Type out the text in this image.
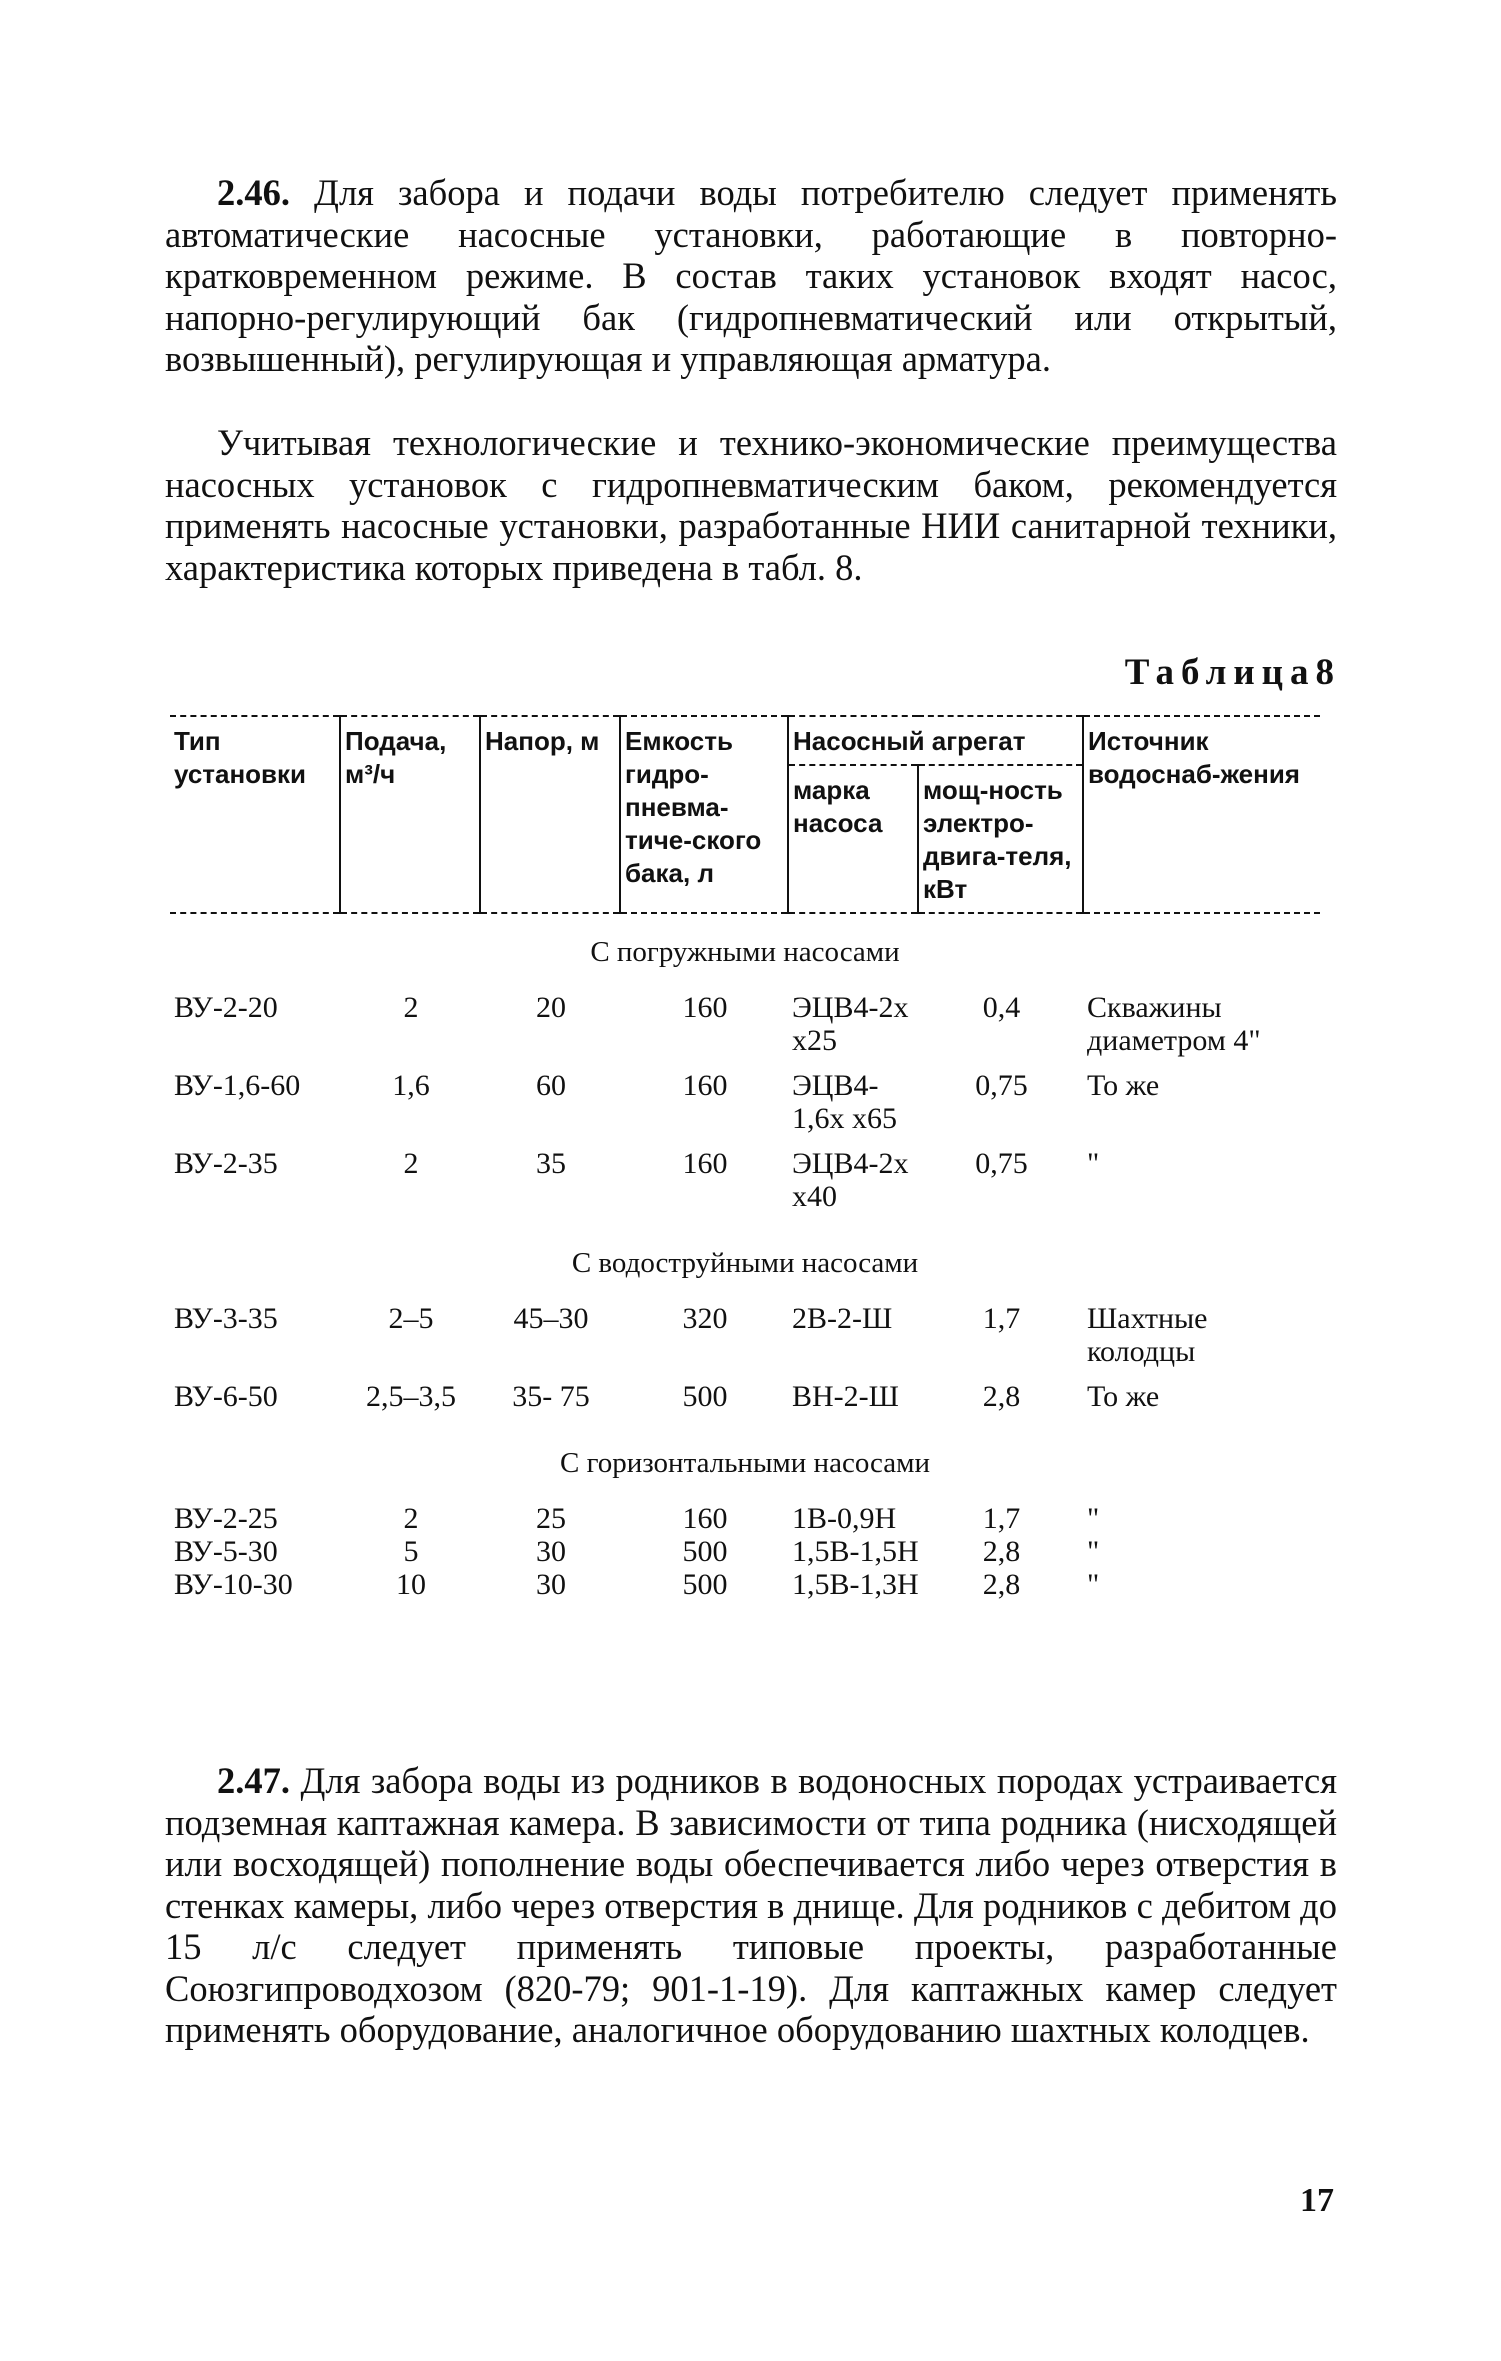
2.46. Для забора и подачи воды потребителю следует применять автоматические насосные установки, работающие в повторно-кратковременном режиме. В состав таких установок входят насос, напорно-регулирующий бак (гидропневматический или открытый, возвышенный), регулирующая и управляющая арматура.

Учитывая технологические и технико-экономические преимущества насосных установок с гидропневматическим баком, рекомендуется применять насосные установки, разработанные НИИ санитарной техники, характеристика которых приведена в табл. 8.

Таблица8
Тип установки	Подача, м³/ч	Напор, м	Емкость гидро-пневма-тиче-ского бака, л	Насосный агрегат		Источник водоснаб-жения
				марка насоса	мощ-ность электро-двига-теля, кВт	
С погружными насосами						
ВУ-2-20	2	20	160	ЭЦВ4-2х х25	0,4	Скважины диаметром 4"

ВУ-1,6-60	1,6	60	160	ЭЦВ4-1,6х х65	0,75	То же

ВУ-2-35	2	35	160	ЭЦВ4-2х х40	0,75	"

С водоструйными насосами						
ВУ-3-35	2–5	45–30	320	2В-2-Ш	1,7	Шахтные колодцы

ВУ-6-50	2,5–3,5	35- 75	500	ВН-2-Ш	2,8	То же

С горизонтальными насосами						
ВУ-2-25	2	25	160	1В-0,9Н	1,7	"
ВУ-5-30	5	30	500	1,5В-1,5Н	2,8	"
ВУ-10-30	10	30	500	1,5В-1,3Н	2,8	"

2.47. Для забора воды из родников в водоносных породах устраивается подземная каптажная камера. В зависимости от типа родника (нисходящей или восходящей) пополнение воды обеспечивается либо через отверстия в стенках камеры, либо через отверстия в днище. Для родников с дебитом до 15 л/с следует применять типовые проекты, разработанные Союзгипроводхозом (820-79; 901-1-19). Для каптажных камер следует применять оборудование, аналогичное оборудованию шахтных колодцев.

17
